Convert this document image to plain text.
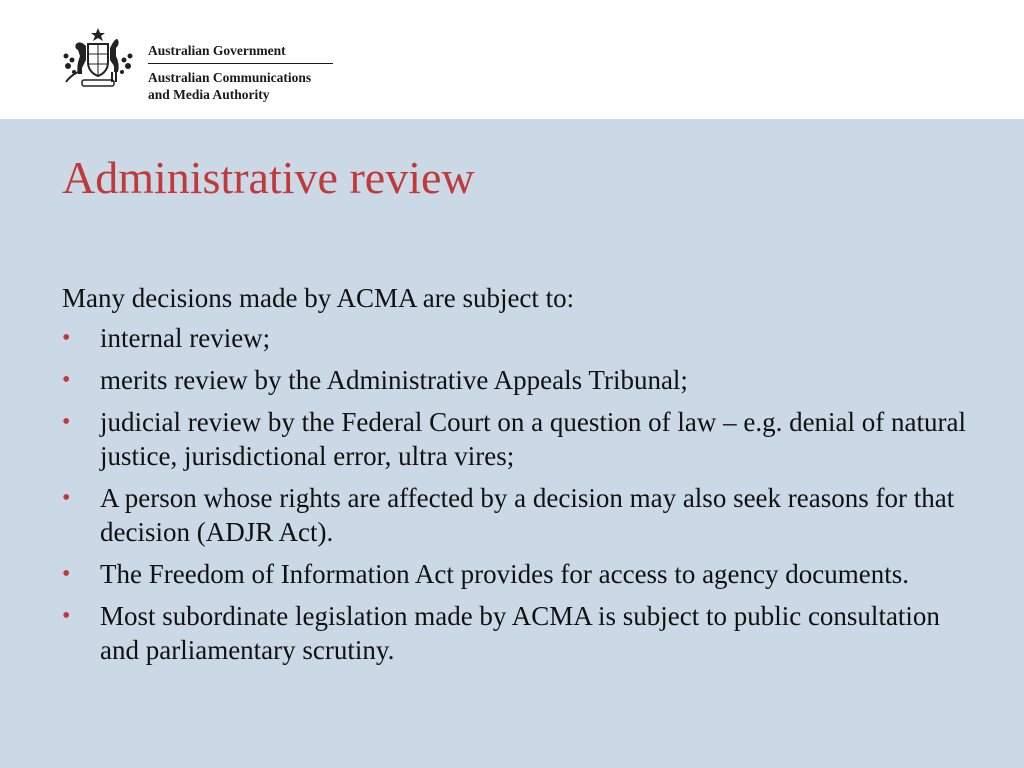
Australian Government
Australian Communications
and Media Authority
Administrative review

Many decisions made by ACMA are subject to:

•	internal review;
•	merits review by the Administrative Appeals Tribunal;
•	judicial review by the Federal Court on a question of law – e.g. denial of natural justice, jurisdictional error, ultra vires;
•	A person whose rights are affected by a decision may also seek reasons for that decision (ADJR Act).
•	The Freedom of Information Act provides for access to agency documents.
•	Most subordinate legislation made by ACMA is subject to public consultation and parliamentary scrutiny.
